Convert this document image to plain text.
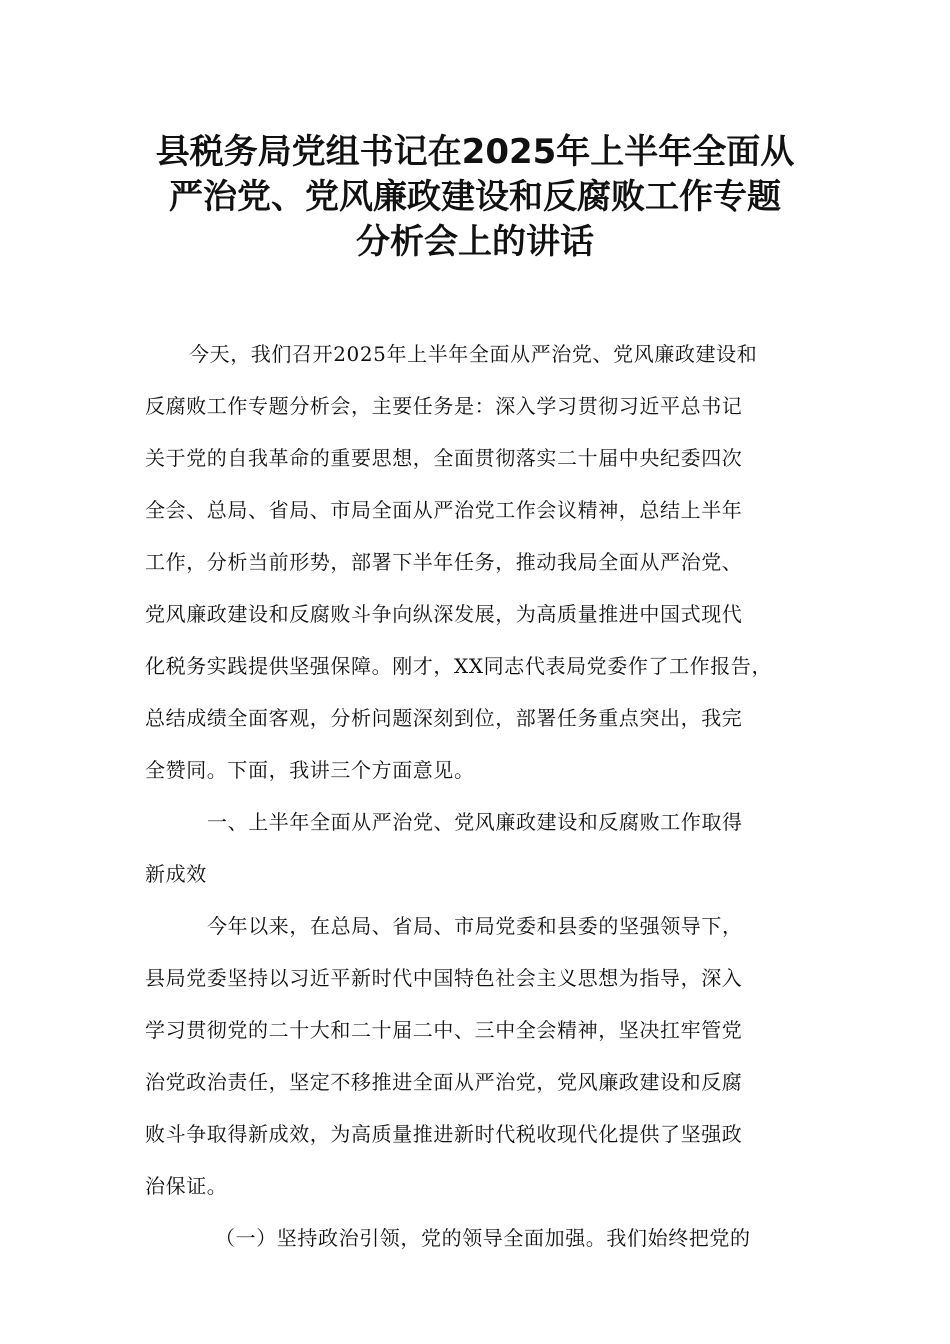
县税务局党组书记在2025年上半年全面从
严治党、党风廉政建设和反腐败工作专题
分析会上的讲话
今天，我们召开2025年上半年全面从严治党、党风廉政建设和
反腐败工作专题分析会，主要任务是：深入学习贯彻习近平总书记
关于党的自我革命的重要思想，全面贯彻落实二十届中央纪委四次
全会、总局、省局、市局全面从严治党工作会议精神，总结上半年
工作，分析当前形势，部署下半年任务，推动我局全面从严治党、
党风廉政建设和反腐败斗争向纵深发展，为高质量推进中国式现代
化税务实践提供坚强保障。刚才，XX同志代表局党委作了工作报告，
总结成绩全面客观，分析问题深刻到位，部署任务重点突出，我完
全赞同。下面，我讲三个方面意见。
一、上半年全面从严治党、党风廉政建设和反腐败工作取得
新成效
今年以来，在总局、省局、市局党委和县委的坚强领导下，
县局党委坚持以习近平新时代中国特色社会主义思想为指导，深入
学习贯彻党的二十大和二十届二中、三中全会精神，坚决扛牢管党
治党政治责任，坚定不移推进全面从严治党，党风廉政建设和反腐
败斗争取得新成效，为高质量推进新时代税收现代化提供了坚强政
治保证。
（一）坚持政治引领，党的领导全面加强。我们始终把党的
